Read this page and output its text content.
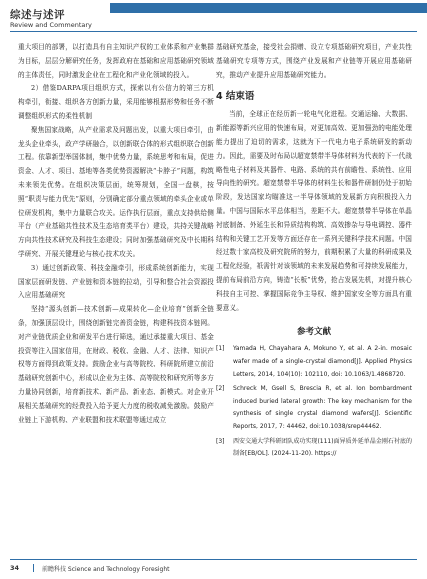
综述与述评
Review and Commentary

重大项目的部署，以打造具有自主知识产权的工业体系和产业集群为目标，层层分解研究任务，发挥政府在基础和应用基础研究领域的主体责任，同时激发企业在工程化和产业化领域的投入。

2）借鉴DARPA项目组织方式，探索以有公信力的第三方机构牵引，衔接、组织各方创新力量，采用能够根据形势和任务不断调整组织形式的柔性机制

聚焦国家战略，从产业需求及问题出发，以重大项目牵引，由龙头企业牵头，政产学研融合，以创新联合体的形式组织联合创新工程。依靠新型举国体制，集中优势力量，系统思考和布局，促进资金、人才、项目、基地等各类优势资源解决“卡脖子”问题，构筑未来领先优势。在组织决策层面，统筹规划，全国一盘棋，按照“职责与能力优先”原则，分别确定部分重点领域的牵头企业或单位研发机构，集中力量联合攻关。运作执行层面，重点支持供给侧平台（产业基础共性技术及生态培育类平台）建设，共持关键战略方向共性技术研究及科技生态建设；同时加强基础研究及中长期科学研究、开展关键理论与核心技术攻关。

3）通过创新政策、科技金融牵引，形成系统创新能力，实现国家层面研发链、产业链和资本链的拉动，引导和整合社会资源投入应用基础研究

坚持“源头创新—技术创新—成果转化—企业培育”创新全链条，加强顶层设计，围绕创新链完善资金链，构建科技资本链网。对产业链优质企业和研发平台进行筛选，通过承接重大项目、基金投资等注入国家信用，在财政、税收、金融、人才、法律、知识产权等方面得到政策支持。鼓励企业与高等院校、科研院所建立前沿基础研究创新中心，形成以企业为主体、高等院校和研究所等多方力量协同创新，培育新技术、新产品、新业态、新模式。对企业开展相关基础研究的经费投入给予更大力度的税收减免激励。鼓励产业链上下游机构、产业联盟和技术联盟等通过成立

基础研究基金，接受社会捐赠、设立专项基础研究项目，产业共性基础研究专项等方式，围绕产业发展和产业链等开展应用基础研究，推动产业提升应用基础研究能力。

4 结束语

当前，全球正在经历新一轮电气化进程。交通运输、大数据、新能源等新兴应用的快速布局，对更加高效、更加强劲的电能处理能力提出了迫切的需求，这就为下一代电力电子系统研发的新动力。因此，需要及时布局以超宽禁带半导体材料为代表的下一代战略性电子材料及其器件、电路、系统的共有前瞻性、系统性、应用导向性的研究。超宽禁带半导体的材料生长和器件研制仍处于初始阶段，发达国家均瞄准这一半导体领域的发展新方向积极投入力量。中国与国际水平总体相当，差距不大。超宽禁带半导体在单晶衬底制备、外延生长和异质结构构筑、高效掺杂与导电调控、器件结构和关键工艺开发等方面还存在一系列关键科学技术问题。中国经过数十家高校及研究院所的努力，前期积累了大量的科研成果及工程化经验，祇需针对该领域的未来发展趋势和可持续发展能力，提前布局前沿方向，铸造“长板”优势，抢占发展先机，对提升核心科技自主可控、掌握国际竞争主导权、维护国家安全等方面具有重要意义。

参考文献
[1]	Yamada H, Chayahara A, Mokuno Y, et al. A 2-in. mosaic wafer made of a single-crystal diamond[J]. Applied Physics Letters, 2014, 104(10): 102110, doi: 10.1063/1.4868720.
[2]	Schreck M, Gsell S, Brescia R, et al. Ion bombardment induced buried lateral growth: The key mechanism for the synthesis of single crystal diamond wafers[J]. Scientific Reports, 2017, 7: 44462, doi:10.1038/srep44462.
[3]	西安交通大学科研团队成功实现(111)面异质外延单晶金刚石衬底的制备[EB/OL]. (2024-11-20). https://
34	前瞻科技 Science and Technology Foresight
